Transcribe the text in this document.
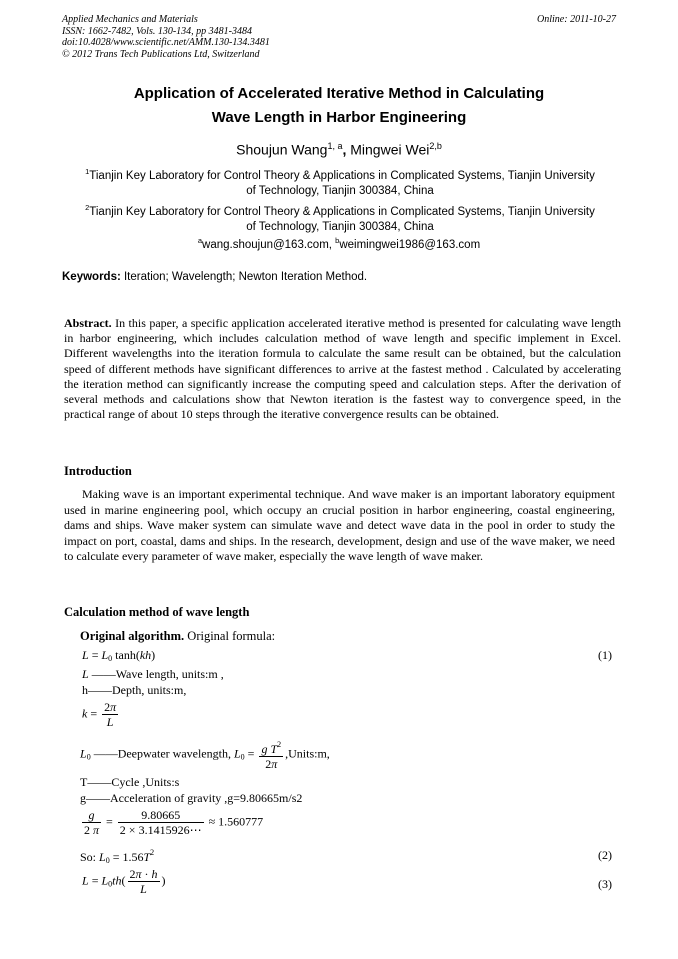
Applied Mechanics and Materials
ISSN: 1662-7482, Vols. 130-134, pp 3481-3484
doi:10.4028/www.scientific.net/AMM.130-134.3481
© 2012 Trans Tech Publications Ltd, Switzerland
Online: 2011-10-27
Application of Accelerated Iterative Method in Calculating
Wave Length in Harbor Engineering
Shoujun Wang$^{1, a}$, Mingwei Wei$^{2,b}$
$^1$Tianjin Key Laboratory for Control Theory & Applications in Complicated Systems, Tianjin University
of Technology, Tianjin 300384, China
$^2$Tianjin Key Laboratory for Control Theory & Applications in Complicated Systems, Tianjin University
of Technology, Tianjin 300384, China
$^a$wang.shoujun@163.com, $^b$weimingwei1986@163.com
Keywords: Iteration; Wavelength; Newton Iteration Method.
Abstract. In this paper, a specific application accelerated iterative method is presented for calculating wave length in harbor engineering, which includes calculation method of wave length and specific implement in Excel. Different wavelengths into the iteration formula to calculate the same result can be obtained, but the calculation speed of different methods have significant differences to arrive at the fastest method . Calculated by accelerating the iteration method can significantly increase the computing speed and calculation steps. After the derivation of several methods and calculations show that Newton iteration is the fastest way to convergence speed, in the practical range of about 10 steps through the iterative convergence results can be obtained.
Introduction
Making wave is an important experimental technique. And wave maker is an important laboratory equipment used in marine engineering pool, which occupy an crucial position in harbor engineering, coastal engineering, dams and ships. Wave maker system can simulate wave and detect wave data in the pool in order to study the impact on port, coastal, dams and ships. In the research, development, design and use of the wave maker, we need to calculate every parameter of wave maker, especially the wave length of wave maker.
Calculation method of wave length
Original algorithm. Original formula:
$L = L_0$ tanh(kh)	(1)
L ——Wave length, units:m ,
h——Depth, units:m,
$k = \frac{2\pi}{L}$
$L_0$ ——Deepwater wavelength, $L_0 = \frac{g T^2}{2\pi}$ ,Units:m,
T——Cycle ,Units:s
g——Acceleration of gravity ,g=9.80665m/s2
$\frac{g}{2 \pi} = \frac{9.80665}{2 \times 3.1415926\cdots} \approx 1.560777$
So: $L_0 = 1.56T^2$	(2)
$L = L_0th( \frac{2\pi \cdot h}{L}$ )	(3)
